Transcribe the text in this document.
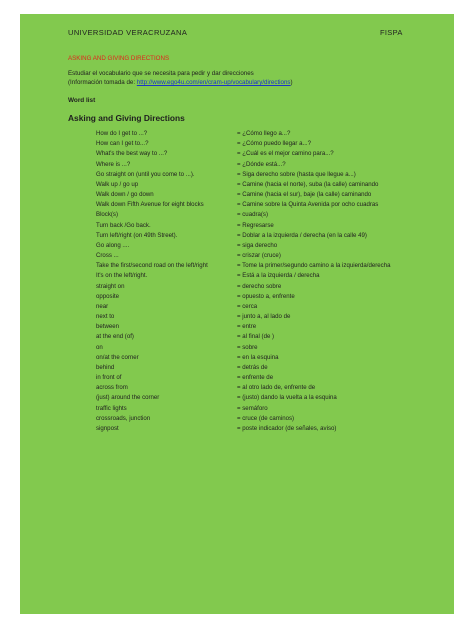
UNIVERSIDAD VERACRUZANA	FISPA
ASKING AND GIVING DIRECTIONS
Estudiar el vocabulario que se necesita para pedir y dar direcciones
(Información tomada de: http://www.ego4u.com/en/cram-up/vocabulary/directions)
Word list
Asking and Giving Directions
How do I get to ...?	= ¿Cómo llego a...?
How can I get to...?	= ¿Cómo puedo llegar a...?
What's the best way to ...?	= ¿Cuál es el mejor camino para...?
Where is ...?	= ¿Dónde está...?
Go straight on (until you come to ...).	= Siga derecho sobre (hasta que llegue a...)
Walk up / go up	= Camine (hacia el norte), suba (la calle) caminando
Walk down / go down	= Camine (hacia el sur), baje (la calle) caminando
Walk down Fifth Avenue for eight blocks	= Camine sobre la Quinta Avenida por ocho cuadras
Block(s)	= cuadra(s)
Turn back /Go back.	= Regresarse
Turn left/right (on 49th Street).	= Doblar a la izquierda / derecha (en la calle 49)
Go along ....	= siga derecho
Cross ...	= criszar (cruce)
Take the first/second road on the left/right	= Tome la primer/segundo camino a la izquierda/derecha
It's on the left/right.	= Está a la izquierda / derecha
straight on	= derecho sobre
opposite	= opuesto a, enfrente
near	= cerca
next to	= junto a, al lado de
between	= entre
at the end (of)	= al final (de )
on	= sobre
on/at the corner	= en la esquina
behind	= detrás de
in front of	= enfrente de
across from	= al otro lado de, enfrente de
(just) around the corner	= (justo) dando la vuelta a la esquina
traffic lights	= semáforo
crossroads, junction	= cruce (de caminos)
signpost	= poste indicador (de señales, aviso)
